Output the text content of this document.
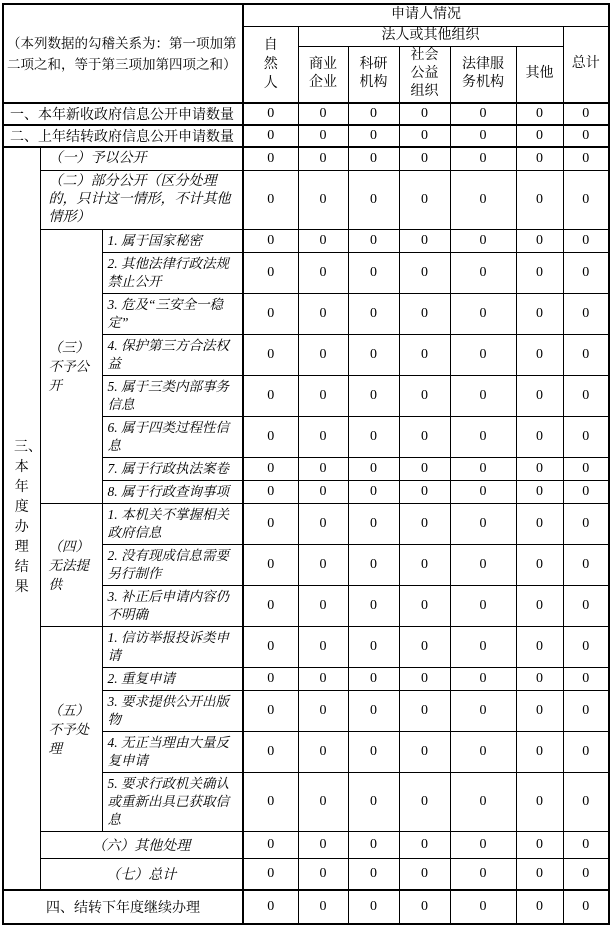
（本列数据的勾稽关系为：第一项加第二项之和，等于第三项加第四项之和）			申请人情况						
			自然人	法人或其他组织					总计
				商业企业	科研机构	社会公益组织	法律服务机构	其他	
一、本年新收政府信息公开申请数量			0	0	0	0	0	0	0
二、上年结转政府信息公开申请数量			0	0	0	0	0	0	0
三、本年度办理结果	（一）予以公开		0	0	0	0	0	0	0
	（二）部分公开（区分处理的，只计这一情形，不计其他情形）		0	0	0	0	0	0	0
	（三）不予公开	1. 属于国家秘密	0	0	0	0	0	0	0
		2. 其他法律行政法规禁止公开	0	0	0	0	0	0	0
		3. 危及“三安全一稳定”	0	0	0	0	0	0	0
		4. 保护第三方合法权益	0	0	0	0	0	0	0
		5. 属于三类内部事务信息	0	0	0	0	0	0	0
		6. 属于四类过程性信息	0	0	0	0	0	0	0
		7. 属于行政执法案卷	0	0	0	0	0	0	0
		8. 属于行政查询事项	0	0	0	0	0	0	0
	（四）无法提供	1. 本机关不掌握相关政府信息	0	0	0	0	0	0	0
		2. 没有现成信息需要另行制作	0	0	0	0	0	0	0
		3. 补正后申请内容仍不明确	0	0	0	0	0	0	0
	（五）不予处理	1. 信访举报投诉类申请	0	0	0	0	0	0	0
		2. 重复申请	0	0	0	0	0	0	0
		3. 要求提供公开出版物	0	0	0	0	0	0	0
		4. 无正当理由大量反复申请	0	0	0	0	0	0	0
		5. 要求行政机关确认或重新出具已获取信息	0	0	0	0	0	0	0
	（六）其他处理		0	0	0	0	0	0	0
	（七）总计		0	0	0	0	0	0	0
四、结转下年度继续办理			0	0	0	0	0	0	0
